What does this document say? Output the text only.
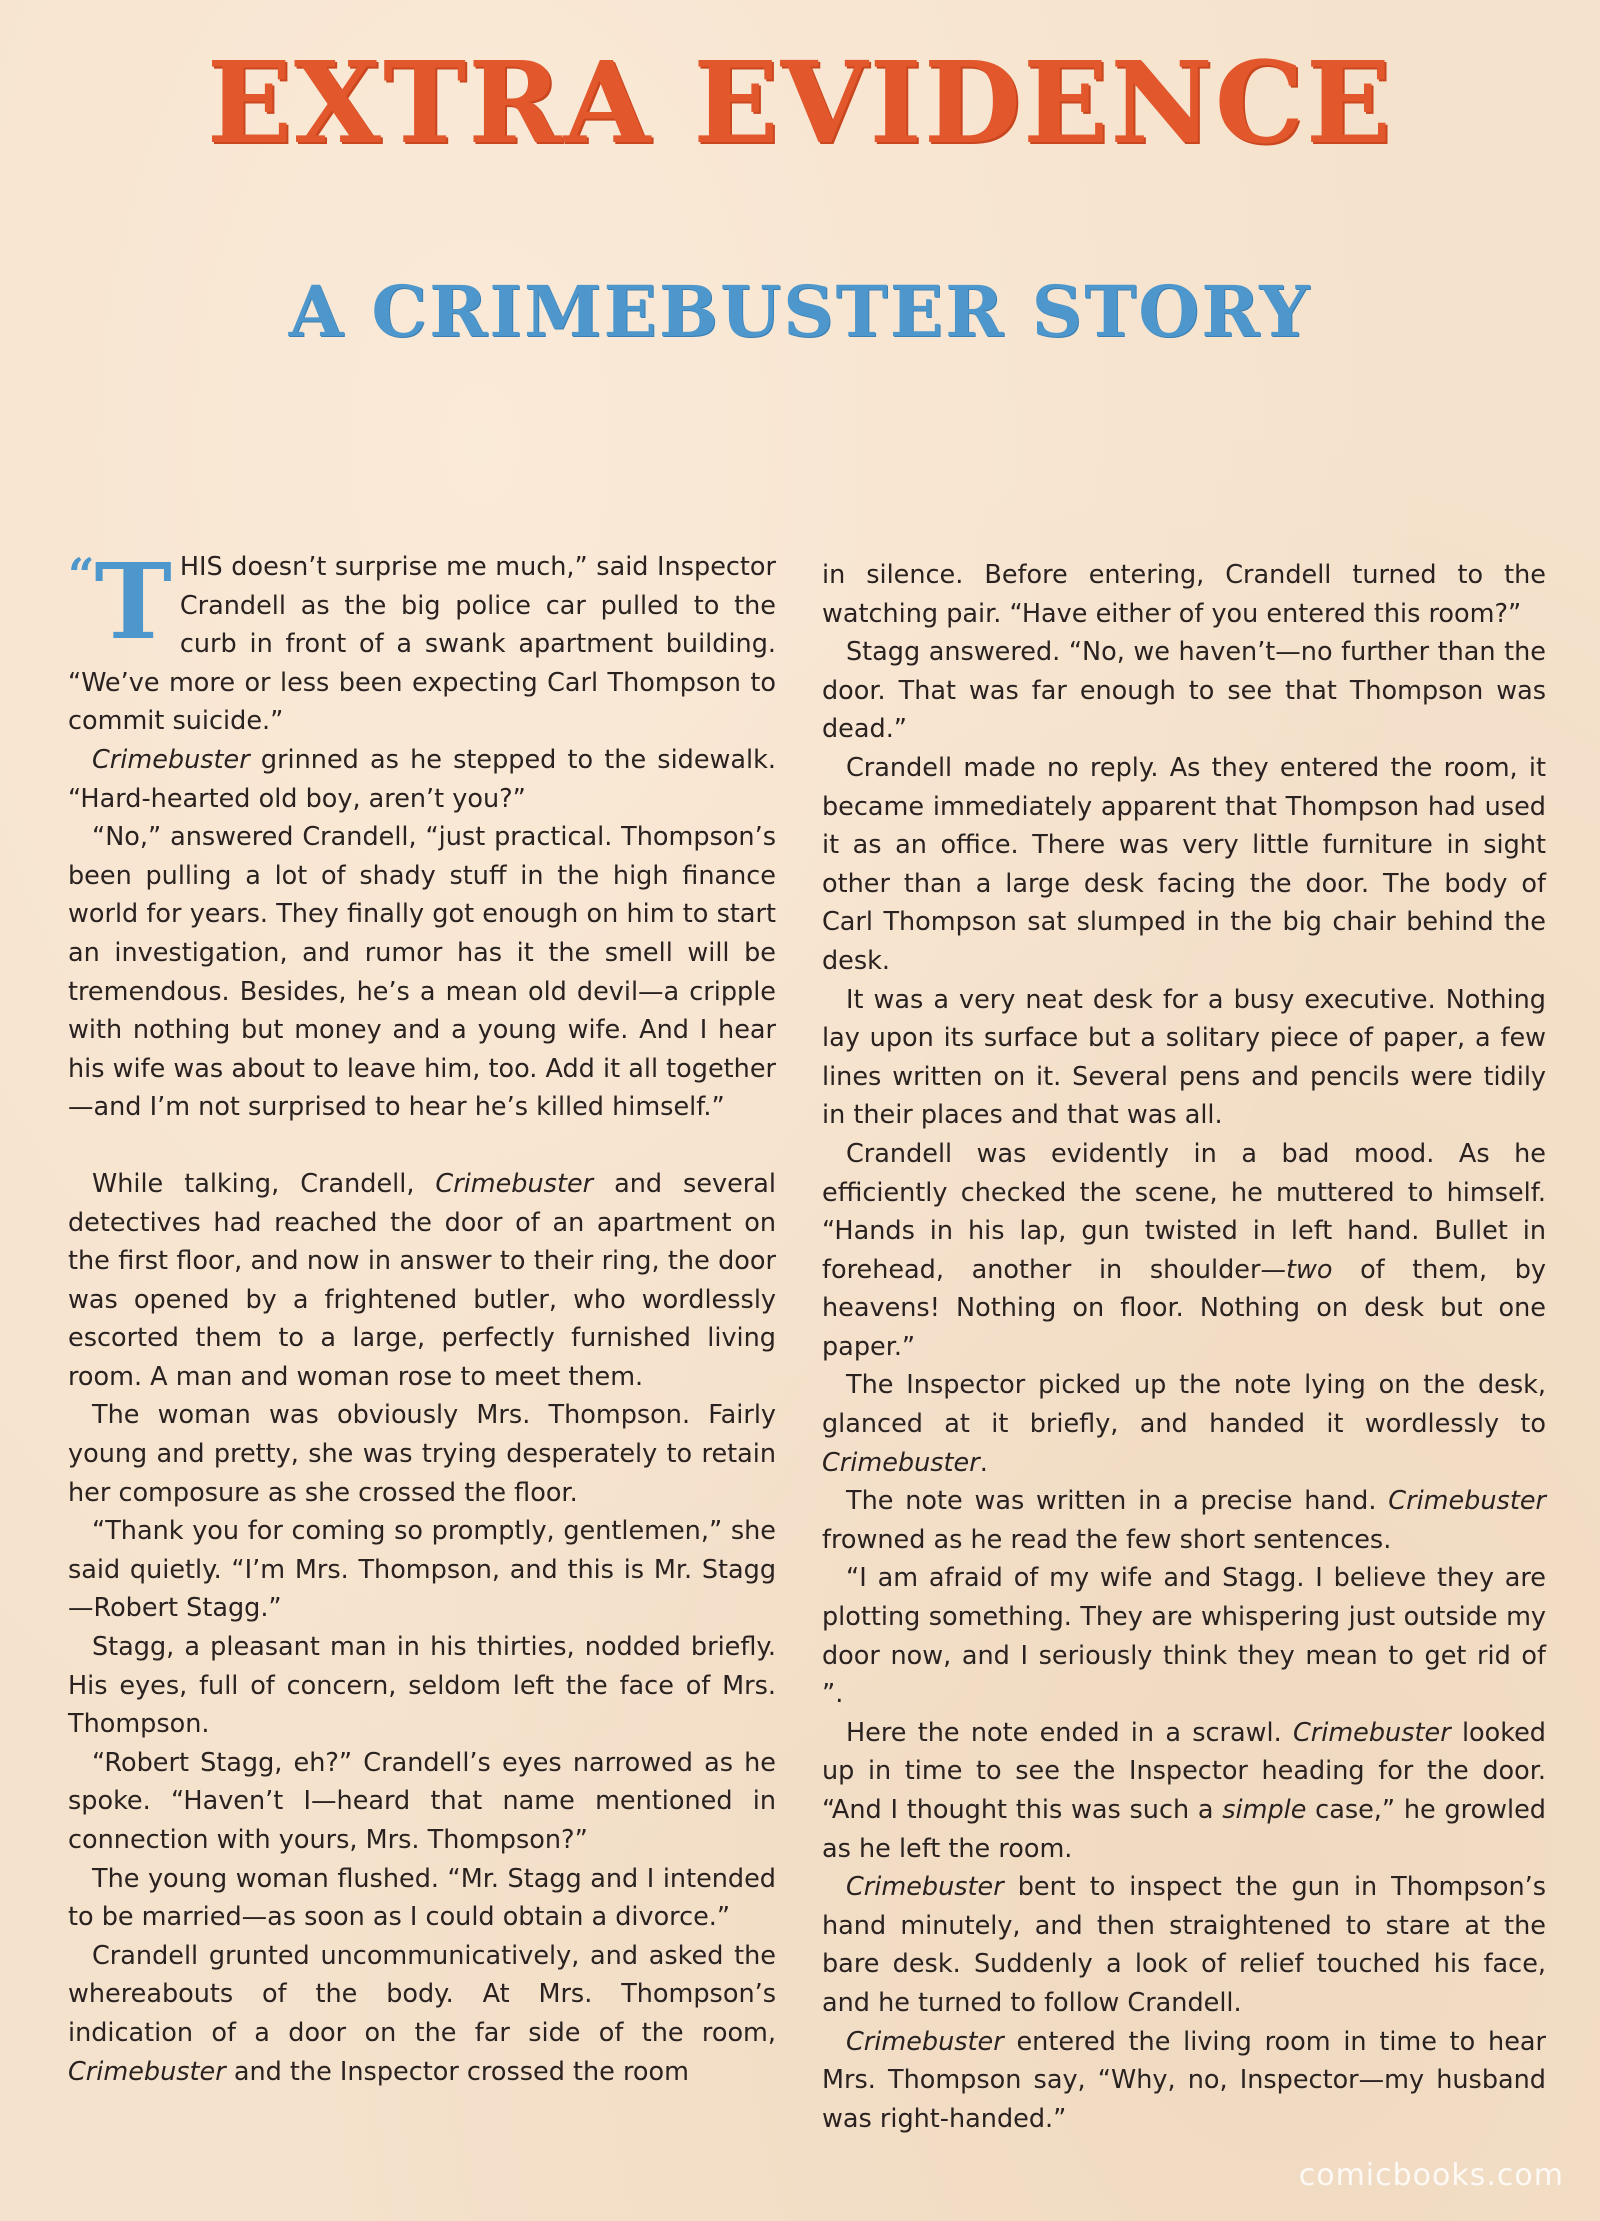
EXTRA EVIDENCE
A CRIMEBUSTER STORY

“T HIS doesn’t surprise me much,” said Inspector Crandell as the big police car pulled to the curb in front of a swank apartment building. “We’ve more or less been expecting Carl Thompson to commit suicide.”

Crimebuster grinned as he stepped to the sidewalk. “Hard-hearted old boy, aren’t you?”

“No,” answered Crandell, “just practical. Thompson’s been pulling a lot of shady stuff in the high finance world for years. They finally got enough on him to start an investigation, and rumor has it the smell will be tremendous. Besides, he’s a mean old devil—a cripple with nothing but money and a young wife. And I hear his wife was about to leave him, too. Add it all together—and I’m not surprised to hear he’s killed himself.”

While talking, Crandell, Crimebuster and several detectives had reached the door of an apartment on the first floor, and now in answer to their ring, the door was opened by a frightened butler, who wordlessly escorted them to a large, perfectly furnished living room. A man and woman rose to meet them.

The woman was obviously Mrs. Thompson. Fairly young and pretty, she was trying desperately to retain her composure as she crossed the floor.

“Thank you for coming so promptly, gentlemen,” she said quietly. “I’m Mrs. Thompson, and this is Mr. Stagg—Robert Stagg.”

Stagg, a pleasant man in his thirties, nodded briefly. His eyes, full of concern, seldom left the face of Mrs. Thompson.

“Robert Stagg, eh?” Crandell’s eyes narrowed as he spoke. “Haven’t I—heard that name mentioned in connection with yours, Mrs. Thompson?”

The young woman flushed. “Mr. Stagg and I intended to be married—as soon as I could obtain a divorce.”

Crandell grunted uncommunicatively, and asked the whereabouts of the body. At Mrs. Thompson’s indication of a door on the far side of the room, Crimebuster and the Inspector crossed the room

in silence. Before entering, Crandell turned to the watching pair. “Have either of you entered this room?”

Stagg answered. “No, we haven’t—no further than the door. That was far enough to see that Thompson was dead.”

Crandell made no reply. As they entered the room, it became immediately apparent that Thompson had used it as an office. There was very little furniture in sight other than a large desk facing the door. The body of Carl Thompson sat slumped in the big chair behind the desk.

It was a very neat desk for a busy executive. Nothing lay upon its surface but a solitary piece of paper, a few lines written on it. Several pens and pencils were tidily in their places and that was all.

Crandell was evidently in a bad mood. As he efficiently checked the scene, he muttered to himself. “Hands in his lap, gun twisted in left hand. Bullet in forehead, another in shoulder—two of them, by heavens! Nothing on floor. Nothing on desk but one paper.”

The Inspector picked up the note lying on the desk, glanced at it briefly, and handed it wordlessly to Crimebuster.

The note was written in a precise hand. Crimebuster frowned as he read the few short sentences.

“I am afraid of my wife and Stagg. I believe they are plotting something. They are whispering just outside my door now, and I seriously think they mean to get rid of ”.

Here the note ended in a scrawl. Crimebuster looked up in time to see the Inspector heading for the door. “And I thought this was such a simple case,” he growled as he left the room.

Crimebuster bent to inspect the gun in Thompson’s hand minutely, and then straightened to stare at the bare desk. Suddenly a look of relief touched his face, and he turned to follow Crandell.

Crimebuster entered the living room in time to hear Mrs. Thompson say, “Why, no, Inspector—my husband was right-handed.”

comicbooks.com
